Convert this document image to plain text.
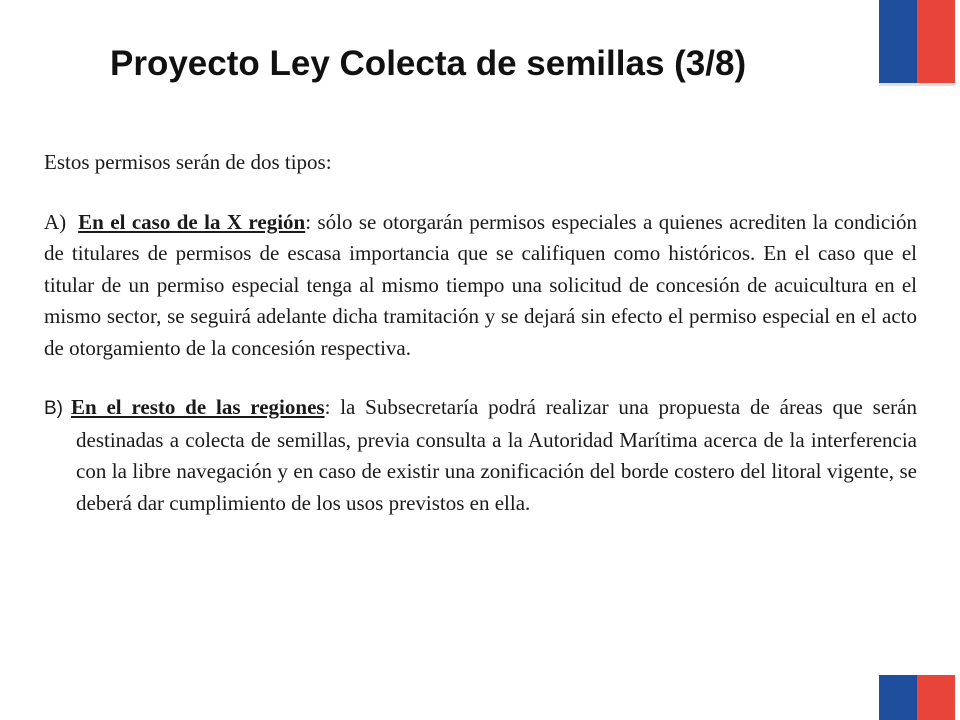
Proyecto Ley Colecta de semillas (3/8)

Estos permisos serán de dos tipos:

A) En el caso de la X región: sólo se otorgarán permisos especiales a quienes acrediten la condición de titulares de permisos de escasa importancia que se califiquen como históricos. En el caso que el titular de un permiso especial tenga al mismo tiempo una solicitud de concesión de acuicultura en el mismo sector, se seguirá adelante dicha tramitación y se dejará sin efecto el permiso especial en el acto de otorgamiento de la concesión respectiva.

B) En el resto de las regiones: la Subsecretaría podrá realizar una propuesta de áreas que serán destinadas a colecta de semillas, previa consulta a la Autoridad Marítima acerca de la interferencia con la libre navegación y en caso de existir una zonificación del borde costero del litoral vigente, se deberá dar cumplimiento de los usos previstos en ella.
